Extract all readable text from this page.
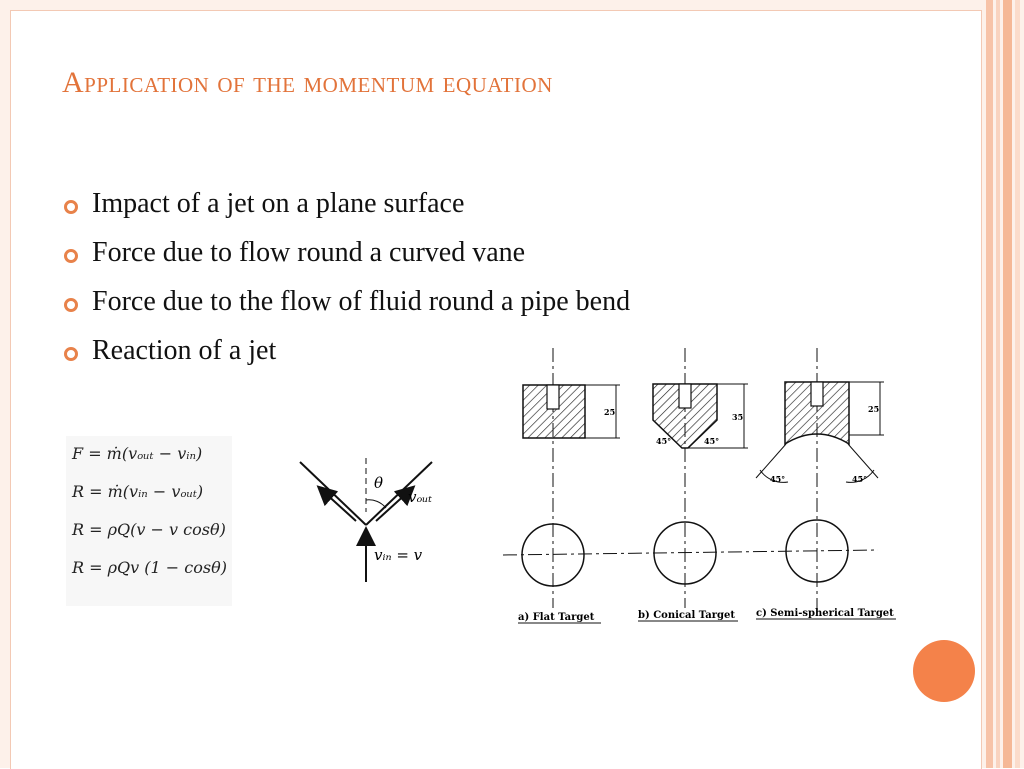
Application of the momentum equation
Impact of a jet on a plane surface
Force due to flow round a curved vane
Force due to the flow of fluid round a pipe bend
Reaction of a jet
F = ṁ(vₒᵤₜ − vᵢₙ)
R = ṁ(vᵢₙ − vₒᵤₜ)
R = ρQ(v − v cosθ)
R = ρQv (1 − cosθ)
θ
vₒᵤₜ
vᵢₙ = v
25	35
45°	45°
25
45°	45°
a) Flat Target	b) Conical Target c) Semi-spherical Target
